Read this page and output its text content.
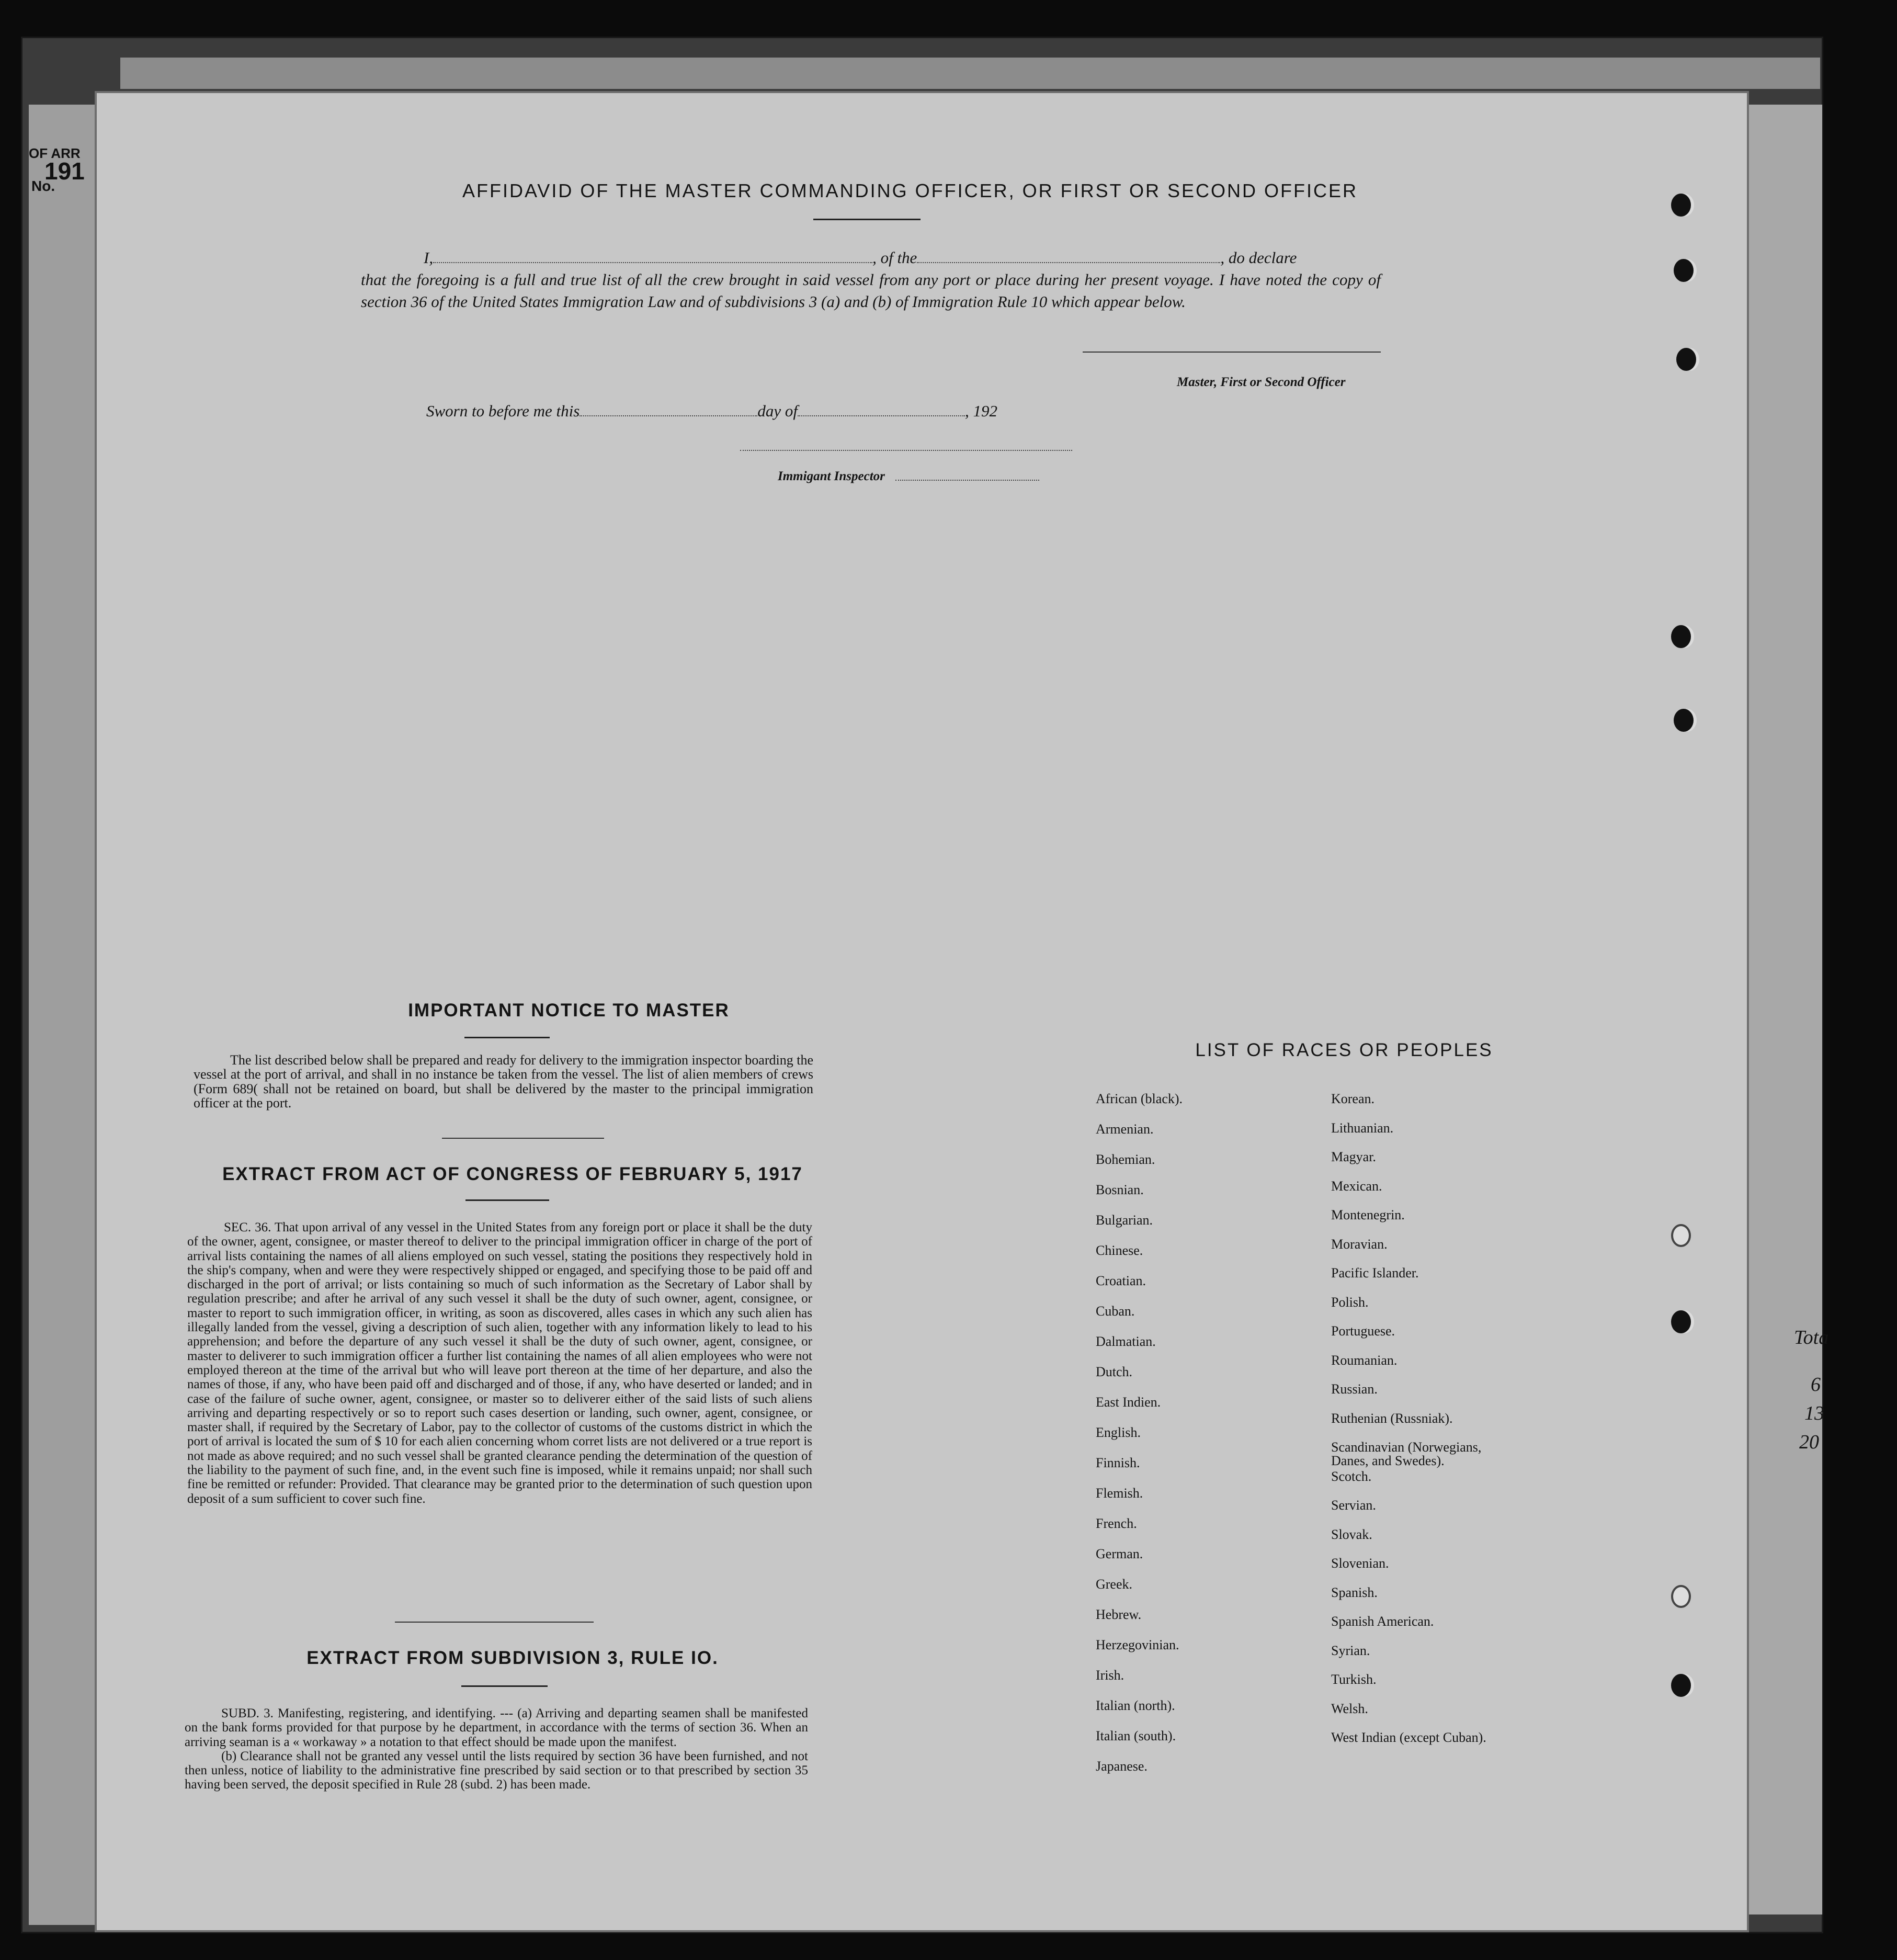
OF ARR
191
No.
Tota
6
13
20
AFFIDAVID OF THE MASTER COMMANDING OFFICER, OR FIRST OR SECOND OFFICER
I,	, of the	, do declare
that the foregoing is a full and true list of all the crew brought in said vessel from any port or place during her present voyage. I have noted the copy of section 36 of the United States Immigration Law and of subdivisions 3 (a) and (b) of Immigration Rule 10 which appear below.
Master, First or Second Officer
Sworn to before me this	day of	, 192
Immigant Inspector
IMPORTANT NOTICE TO MASTER

The list described below shall be prepared and ready for delivery to the immigration inspector boarding the vessel at the port of arrival, and shall in no instance be taken from the vessel. The list of alien members of crews (Form 689( shall not be retained on board, but shall be delivered by the master to the principal immigration officer at the port.

EXTRACT FROM ACT OF CONGRESS OF FEBRUARY 5, 1917

SEC. 36. That upon arrival of any vessel in the United States from any foreign port or place it shall be the duty of the owner, agent, consignee, or master thereof to deliver to the principal immigration officer in charge of the port of arrival lists containing the names of all aliens employed on such vessel, stating the positions they respectively hold in the ship's company, when and were they were respectively shipped or engaged, and specifying those to be paid off and discharged in the port of arrival; or lists containing so much of such information as the Secretary of Labor shall by regulation prescribe; and after he arrival of any such vessel it shall be the duty of such owner, agent, consignee, or master to report to such immigration officer, in writing, as soon as discovered, alles cases in which any such alien has illegally landed from the vessel, giving a description of such alien, together with any information likely to lead to his apprehension; and before the departure of any such vessel it shall be the duty of such owner, agent, consignee, or master to deliverer to such immigration officer a further list containing the names of all alien employees who were not employed thereon at the time of the arrival but who will leave port thereon at the time of her departure, and also the names of those, if any, who have been paid off and discharged and of those, if any, who have deserted or landed; and in case of the failure of suche owner, agent, consignee, or master so to deliverer either of the said lists of such aliens arriving and departing respectively or so to report such cases desertion or landing, such owner, agent, consignee, or master shall, if required by the Secretary of Labor, pay to the collector of customs of the customs district in which the port of arrival is located the sum of $ 10 for each alien concerning whom corret lists are not delivered or a true report is not made as above required; and no such vessel shall be granted clearance pending the determination of the question of the liability to the payment of such fine, and, in the event such fine is imposed, while it remains unpaid; nor shall such fine be remitted or refunder: Provided. That clearance may be granted prior to the determination of such question upon deposit of a sum sufficient to cover such fine.

EXTRACT FROM SUBDIVISION 3, RULE IO.

SUBD. 3. Manifesting, registering, and identifying. --- (a) Arriving and departing seamen shall be manifested on the bank forms provided for that purpose by he department, in accordance with the terms of section 36. When an arriving seaman is a « workaway » a notation to that effect should be made upon the manifest.

(b) Clearance shall not be granted any vessel until the lists required by section 36 have been furnished, and not then unless, notice of liability to the administrative fine prescribed by said section or to that prescribed by section 35 having been served, the deposit specified in Rule 28 (subd. 2) has been made.

LIST OF RACES OR PEOPLES
African (black).
Armenian.
Bohemian.
Bosnian.
Bulgarian.
Chinese.
Croatian.
Cuban.
Dalmatian.
Dutch.
East Indien.
English.
Finnish.
Flemish.
French.
German.
Greek.
Hebrew.
Herzegovinian.
Irish.
Italian (north).
Italian (south).
Japanese.
Korean.
Lithuanian.
Magyar.
Mexican.
Montenegrin.
Moravian.
Pacific Islander.
Polish.
Portuguese.
Roumanian.
Russian.
Ruthenian (Russniak).
Scandinavian (Norwegians, Danes, and Swedes).
Scotch.
Servian.
Slovak.
Slovenian.
Spanish.
Spanish American.
Syrian.
Turkish.
Welsh.
West Indian (except Cuban).
